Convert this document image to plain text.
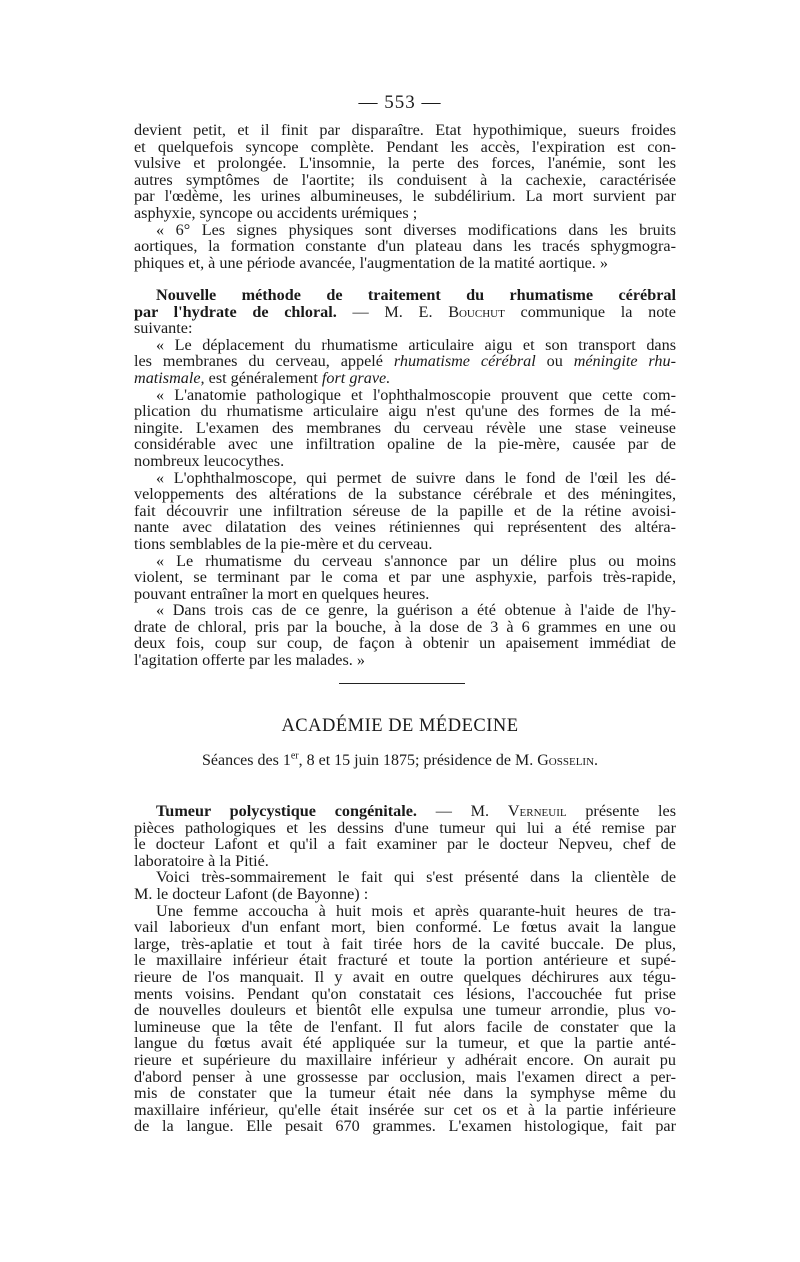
— 553 —

devient petit, et il finit par disparaître. Etat hypothimique, sueurs froides

et quelquefois syncope complète. Pendant les accès, l'expiration est con-

vulsive et prolongée. L'insomnie, la perte des forces, l'anémie, sont les

autres symptômes de l'aortite; ils conduisent à la cachexie, caractérisée

par l'œdème, les urines albumineuses, le subdélirium. La mort survient par

asphyxie, syncope ou accidents urémiques ;

« 6° Les signes physiques sont diverses modifications dans les bruits

aortiques, la formation constante d'un plateau dans les tracés sphygmogra-

phiques et, à une période avancée, l'augmentation de la matité aortique. »

Nouvelle méthode de traitement du rhumatisme cérébral

par l'hydrate de chloral. — M. E. Bouchut communique la note

suivante:

« Le déplacement du rhumatisme articulaire aigu et son transport dans

les membranes du cerveau, appelé rhumatisme cérébral ou méningite rhu-

matismale, est généralement fort grave.

« L'anatomie pathologique et l'ophthalmoscopie prouvent que cette com-

plication du rhumatisme articulaire aigu n'est qu'une des formes de la mé-

ningite. L'examen des membranes du cerveau révèle une stase veineuse

considérable avec une infiltration opaline de la pie-mère, causée par de

nombreux leucocythes.

« L'ophthalmoscope, qui permet de suivre dans le fond de l'œil les dé-

veloppements des altérations de la substance cérébrale et des méningites,

fait découvrir une infiltration séreuse de la papille et de la rétine avoisi-

nante avec dilatation des veines rétiniennes qui représentent des altéra-

tions semblables de la pie-mère et du cerveau.

« Le rhumatisme du cerveau s'annonce par un délire plus ou moins

violent, se terminant par le coma et par une asphyxie, parfois très-rapide,

pouvant entraîner la mort en quelques heures.

« Dans trois cas de ce genre, la guérison a été obtenue à l'aide de l'hy-

drate de chloral, pris par la bouche, à la dose de 3 à 6 grammes en une ou

deux fois, coup sur coup, de façon à obtenir un apaisement immédiat de

l'agitation offerte par les malades. »

ACADÉMIE DE MÉDECINE
Séances des 1er, 8 et 15 juin 1875; présidence de M. Gosselin.

Tumeur polycystique congénitale. — M. Verneuil présente les

pièces pathologiques et les dessins d'une tumeur qui lui a été remise par

le docteur Lafont et qu'il a fait examiner par le docteur Nepveu, chef de

laboratoire à la Pitié.

Voici très-sommairement le fait qui s'est présenté dans la clientèle de

M. le docteur Lafont (de Bayonne) :

Une femme accoucha à huit mois et après quarante-huit heures de tra-

vail laborieux d'un enfant mort, bien conformé. Le fœtus avait la langue

large, très-aplatie et tout à fait tirée hors de la cavité buccale. De plus,

le maxillaire inférieur était fracturé et toute la portion antérieure et supé-

rieure de l'os manquait. Il y avait en outre quelques déchirures aux tégu-

ments voisins. Pendant qu'on constatait ces lésions, l'accouchée fut prise

de nouvelles douleurs et bientôt elle expulsa une tumeur arrondie, plus vo-

lumineuse que la tête de l'enfant. Il fut alors facile de constater que la

langue du fœtus avait été appliquée sur la tumeur, et que la partie anté-

rieure et supérieure du maxillaire inférieur y adhérait encore. On aurait pu

d'abord penser à une grossesse par occlusion, mais l'examen direct a per-

mis de constater que la tumeur était née dans la symphyse même du

maxillaire inférieur, qu'elle était insérée sur cet os et à la partie inférieure

de la langue. Elle pesait 670 grammes. L'examen histologique, fait par
